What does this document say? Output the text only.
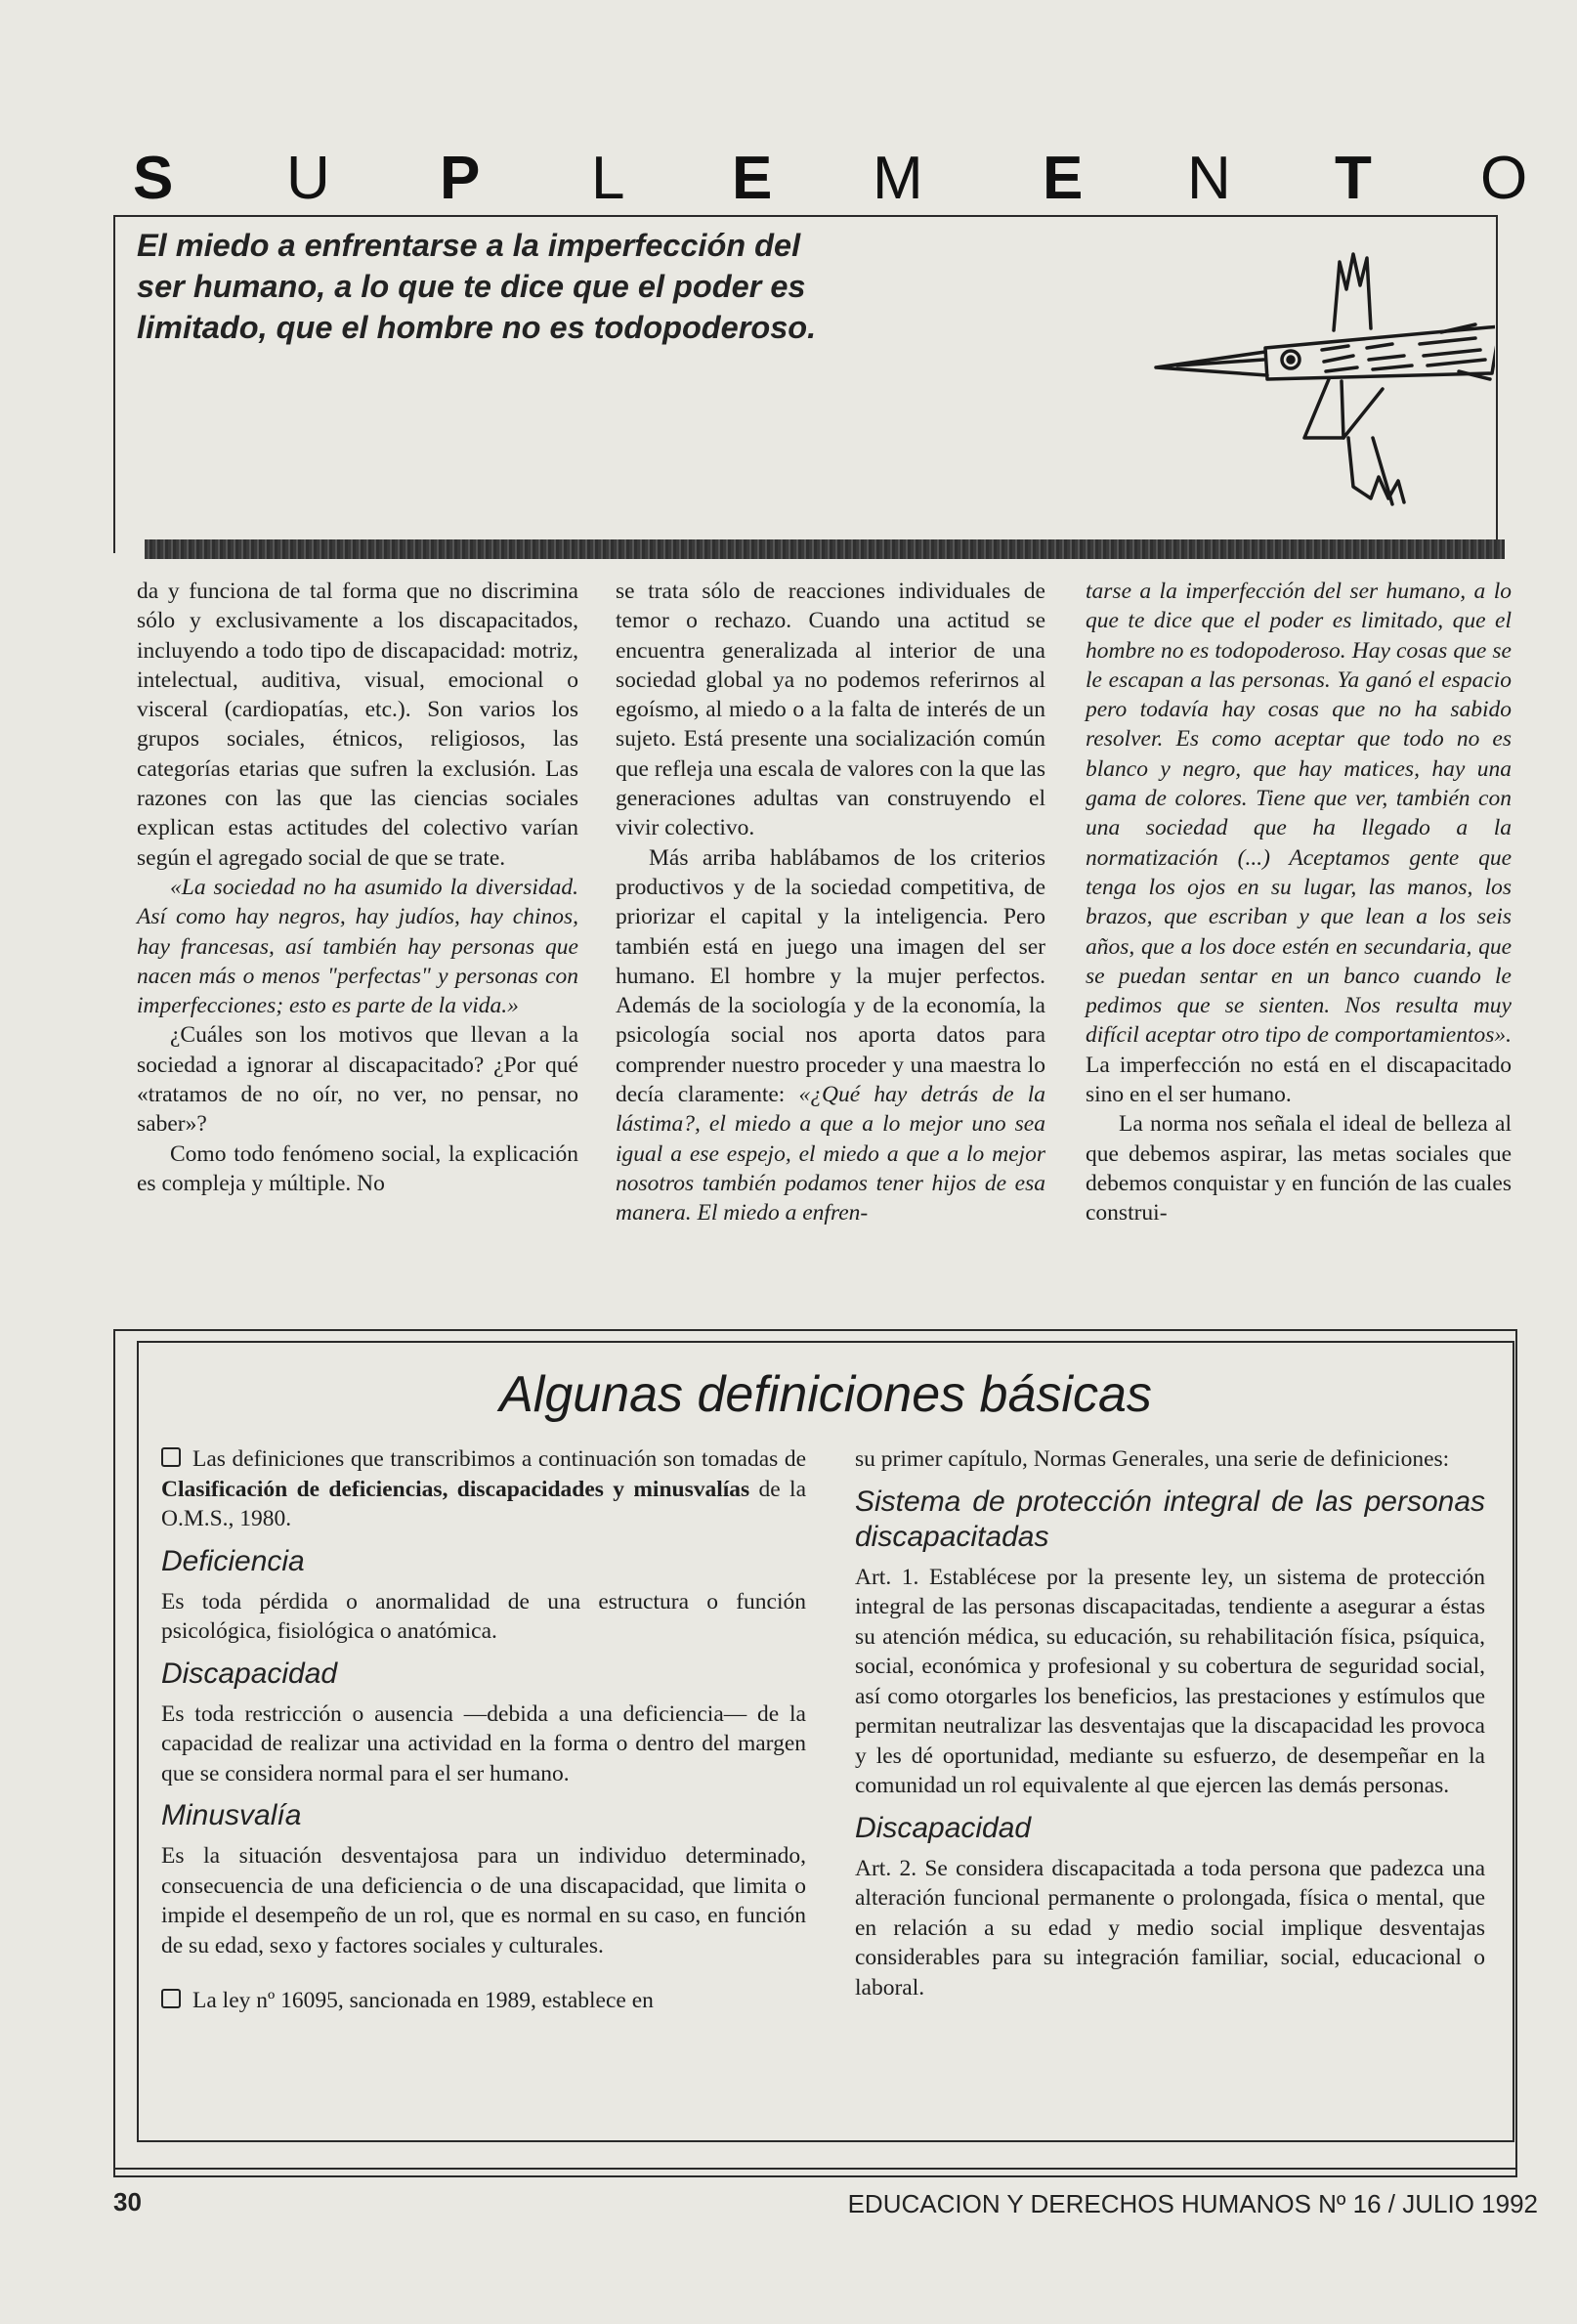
S U P L E M E N T O
El miedo a enfrentarse a la imperfección del ser humano, a lo que te dice que el poder es limitado, que el hombre no es todopoderoso.

da y funciona de tal forma que no discrimina sólo y exclusivamente a los discapacitados, incluyendo a todo tipo de discapacidad: motriz, intelectual, auditiva, visual, emocional o visceral (cardiopatías, etc.). Son varios los grupos sociales, étnicos, religiosos, las categorías etarias que sufren la exclusión. Las razones con las que las ciencias sociales explican estas actitudes del colectivo varían según el agregado social de que se trate.

«La sociedad no ha asumido la diversidad. Así como hay negros, hay judíos, hay chinos, hay francesas, así también hay personas que nacen más o menos "perfectas" y personas con imperfecciones; esto es parte de la vida.»

¿Cuáles son los motivos que llevan a la sociedad a ignorar al discapacitado? ¿Por qué «tratamos de no oír, no ver, no pensar, no saber»?

Como todo fenómeno social, la explicación es compleja y múltiple. No

se trata sólo de reacciones individuales de temor o rechazo. Cuando una actitud se encuentra generalizada al interior de una sociedad global ya no podemos referirnos al egoísmo, al miedo o a la falta de interés de un sujeto. Está presente una socialización común que refleja una escala de valores con la que las generaciones adultas van construyendo el vivir colectivo.

Más arriba hablábamos de los criterios productivos y de la sociedad competitiva, de priorizar el capital y la inteligencia. Pero también está en juego una imagen del ser humano. El hombre y la mujer perfectos. Además de la sociología y de la economía, la psicología social nos aporta datos para comprender nuestro proceder y una maestra lo decía claramente: «¿Qué hay detrás de la lástima?, el miedo a que a lo mejor uno sea igual a ese espejo, el miedo a que a lo mejor nosotros también podamos tener hijos de esa manera. El miedo a enfren-

tarse a la imperfección del ser humano, a lo que te dice que el poder es limitado, que el hombre no es todopoderoso. Hay cosas que se le escapan a las personas. Ya ganó el espacio pero todavía hay cosas que no ha sabido resolver. Es como aceptar que todo no es blanco y negro, que hay matices, hay una gama de colores. Tiene que ver, también con una sociedad que ha llegado a la normatización (...) Aceptamos gente que tenga los ojos en su lugar, las manos, los brazos, que escriban y que lean a los seis años, que a los doce estén en secundaria, que se puedan sentar en un banco cuando le pedimos que se sienten. Nos resulta muy difícil aceptar otro tipo de comportamientos». La imperfección no está en el discapacitado sino en el ser humano.

La norma nos señala el ideal de belleza al que debemos aspirar, las metas sociales que debemos conquistar y en función de las cuales construi-

Algunas definiciones básicas

Las definiciones que transcribimos a continuación son tomadas de Clasificación de deficiencias, discapacidades y minusvalías de la O.M.S., 1980.

Deficiencia

Es toda pérdida o anormalidad de una estructura o función psicológica, fisiológica o anatómica.

Discapacidad

Es toda restricción o ausencia —debida a una deficiencia— de la capacidad de realizar una actividad en la forma o dentro del margen que se considera normal para el ser humano.

Minusvalía

Es la situación desventajosa para un individuo determinado, consecuencia de una deficiencia o de una discapacidad, que limita o impide el desempeño de un rol, que es normal en su caso, en función de su edad, sexo y factores sociales y culturales.

La ley nº 16095, sancionada en 1989, establece en

su primer capítulo, Normas Generales, una serie de definiciones:

Sistema de protección integral de las personas discapacitadas

Art. 1. Establécese por la presente ley, un sistema de protección integral de las personas discapacitadas, tendiente a asegurar a éstas su atención médica, su educación, su rehabilitación física, psíquica, social, económica y profesional y su cobertura de seguridad social, así como otorgarles los beneficios, las prestaciones y estímulos que permitan neutralizar las desventajas que la discapacidad les provoca y les dé oportunidad, mediante su esfuerzo, de desempeñar en la comunidad un rol equivalente al que ejercen las demás personas.

Discapacidad

Art. 2. Se considera discapacitada a toda persona que padezca una alteración funcional permanente o prolongada, física o mental, que en relación a su edad y medio social implique desventajas considerables para su integración familiar, social, educacional o laboral.

30	EDUCACION Y DERECHOS HUMANOS Nº 16 / JULIO 1992
